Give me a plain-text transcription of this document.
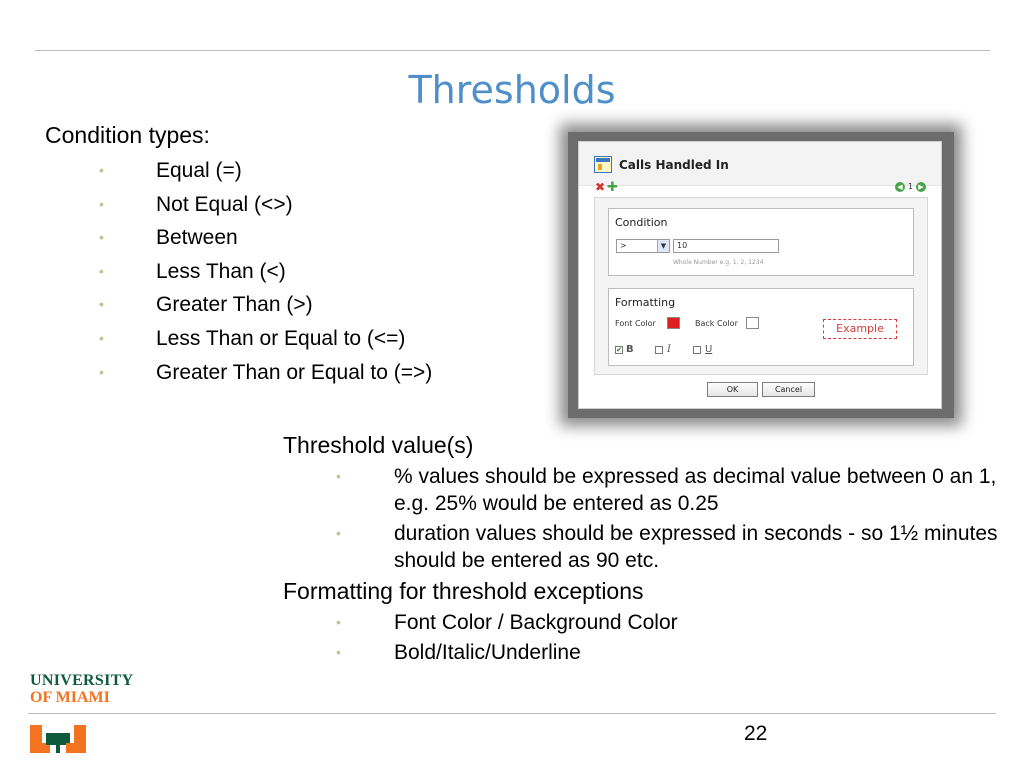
Thresholds
Condition types:
• Equal (=)
• Not Equal (<>)
• Between
• Less Than (<)
• Greater Than (>)
• Less Than or Equal to (<=)
• Greater Than or Equal to (=>)
Calls Handled In
✖ ✚	◀ 1 ▶
Condition
>	▼	10
Whole Number e.g. 1, 2, 1234
Formatting
Font Color	Back Color	Example
✔ B	I	U
OK	Cancel
Threshold value(s)
•	% values should be expressed as decimal value between 0 an 1, e.g. 25% would be entered as 0.25
•	duration values should be expressed in seconds - so 1½ minutes should be entered as 90 etc.
Formatting for threshold exceptions
•	Font Color / Background Color
•	Bold/Italic/Underline
UNIVERSITY
OF MIAMI
22
